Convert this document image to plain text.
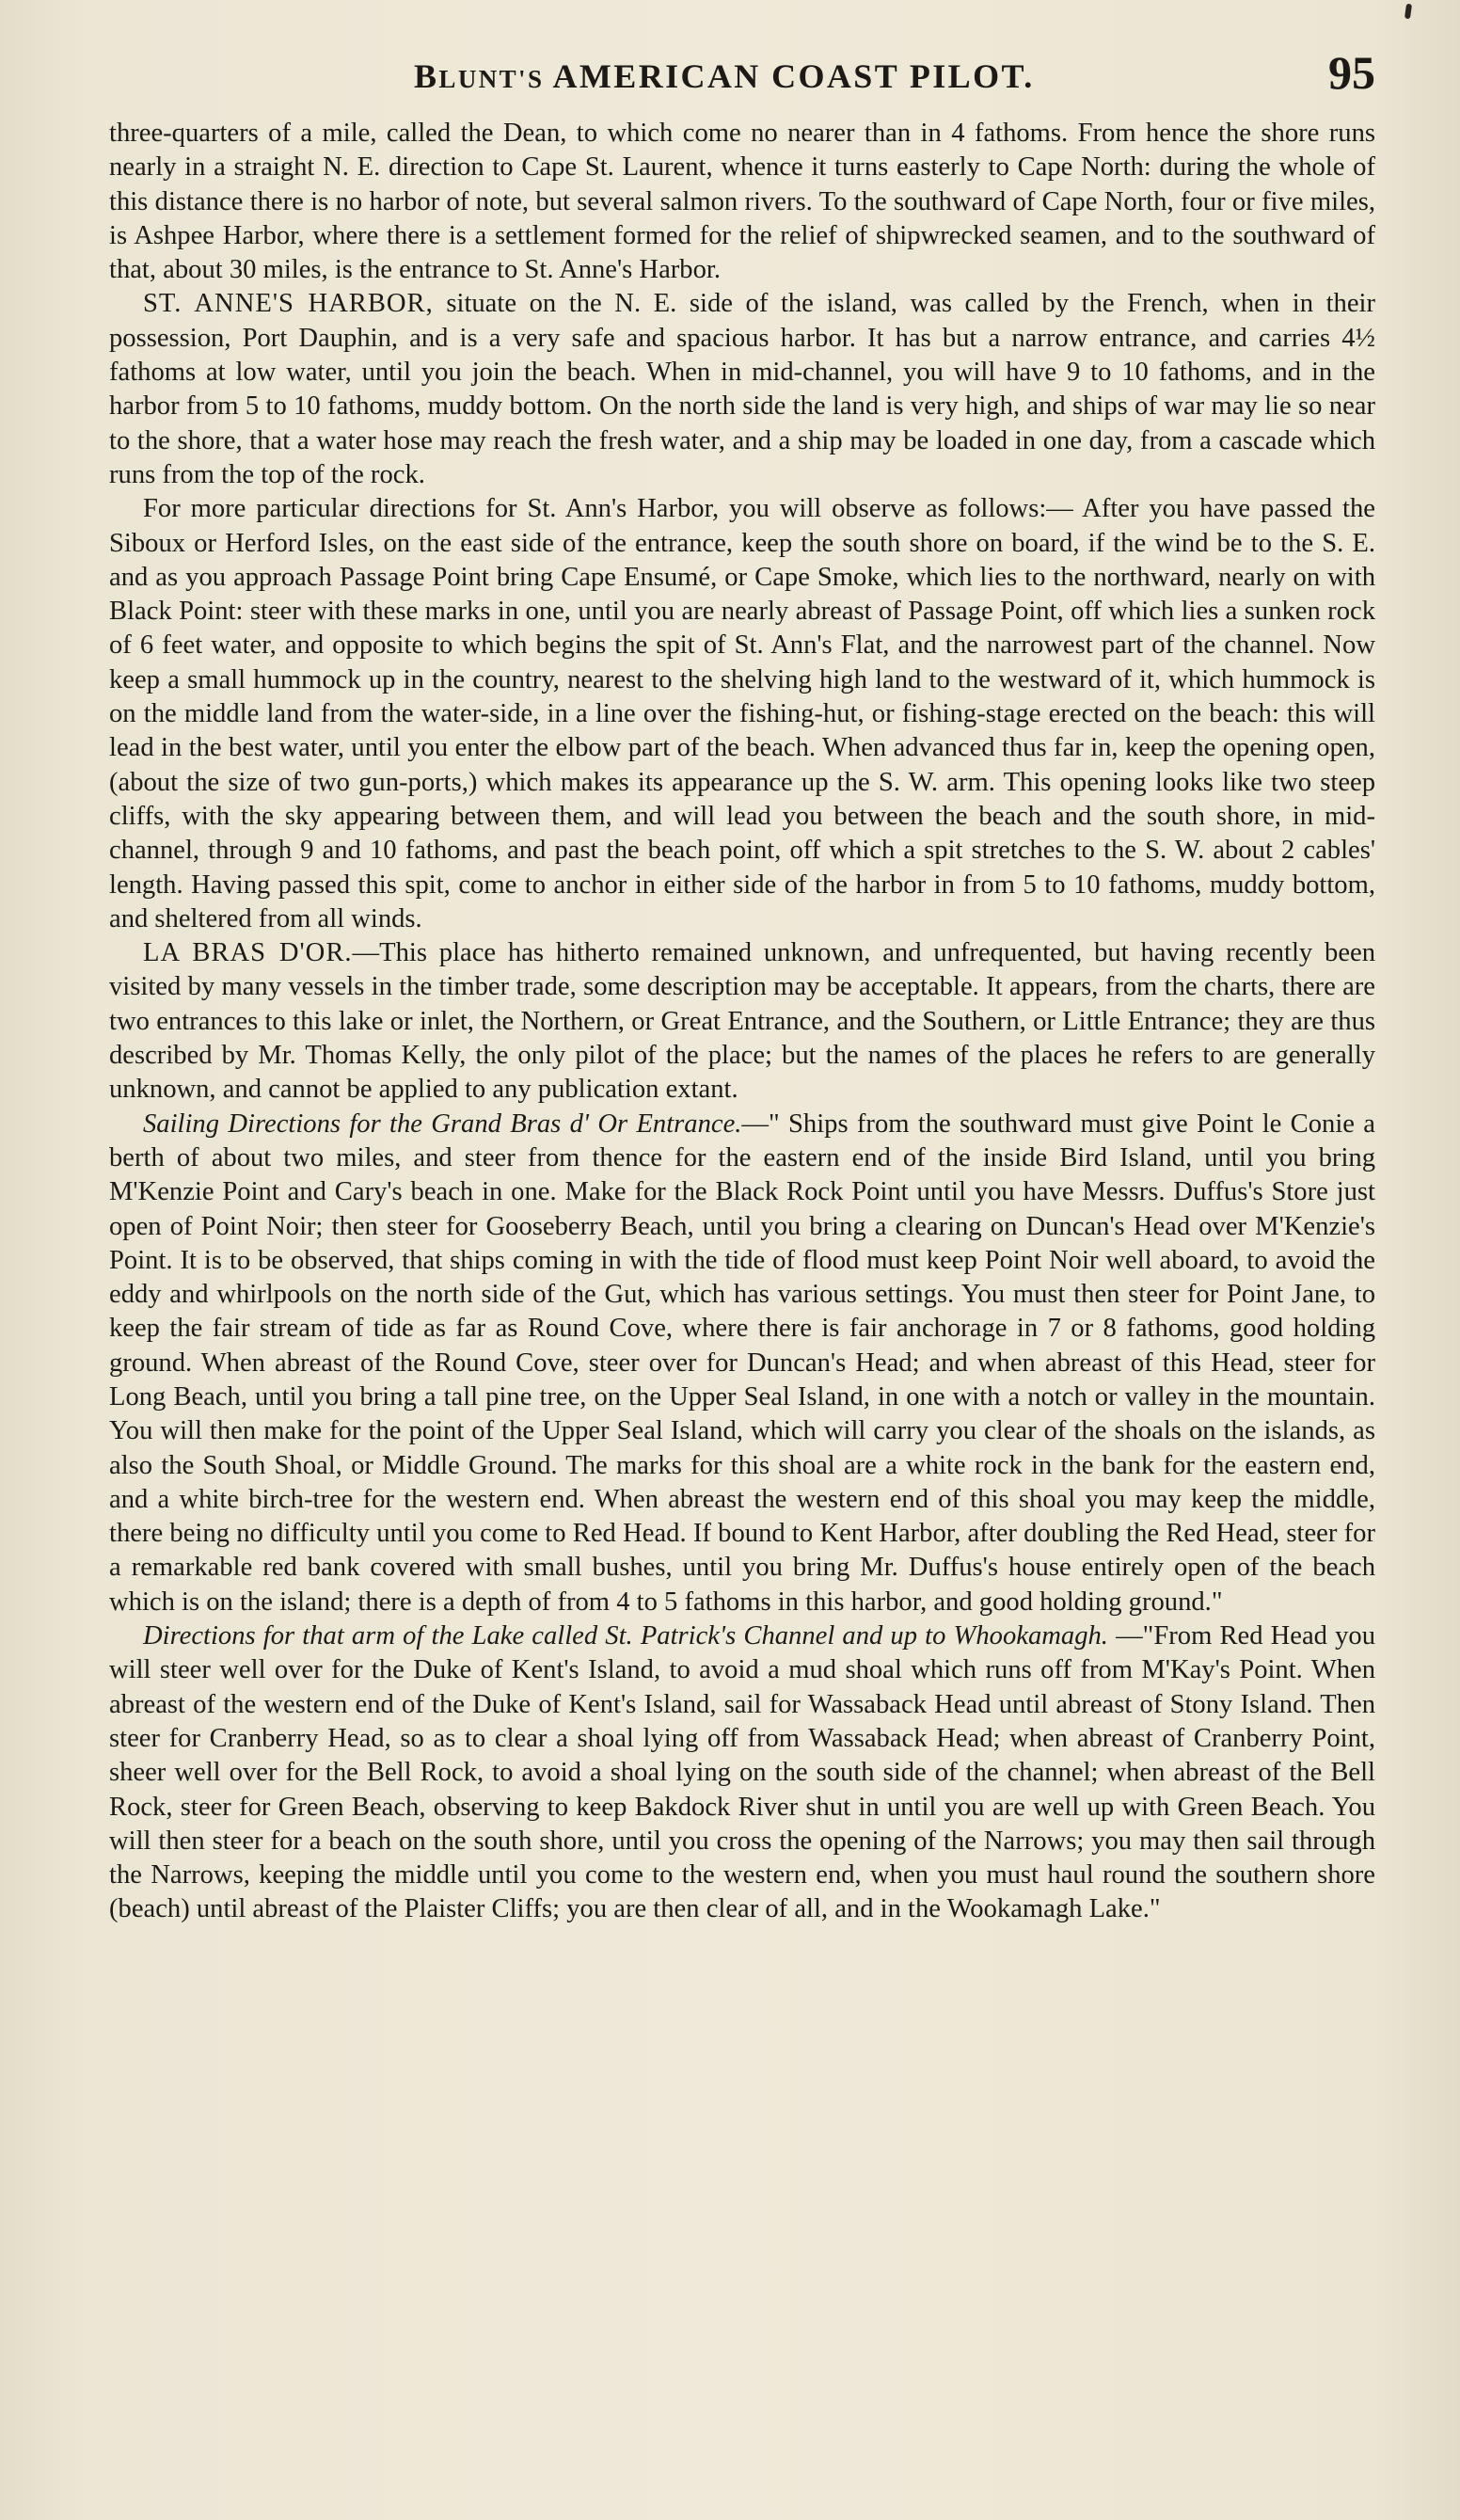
BLUNT'S AMERICAN COAST PILOT.	95

three-quarters of a mile, called the Dean, to which come no nearer than in 4 fathoms. From hence the shore runs nearly in a straight N. E. direction to Cape St. Laurent, whence it turns easterly to Cape North: during the whole of this distance there is no harbor of note, but several salmon rivers. To the southward of Cape North, four or five miles, is Ashpee Harbor, where there is a settlement formed for the relief of shipwrecked seamen, and to the southward of that, about 30 miles, is the entrance to St. Anne's Harbor.

ST. ANNE'S HARBOR, situate on the N. E. side of the island, was called by the French, when in their possession, Port Dauphin, and is a very safe and spacious harbor. It has but a narrow entrance, and carries 4½ fathoms at low water, until you join the beach. When in mid-channel, you will have 9 to 10 fathoms, and in the harbor from 5 to 10 fathoms, muddy bottom. On the north side the land is very high, and ships of war may lie so near to the shore, that a water hose may reach the fresh water, and a ship may be loaded in one day, from a cascade which runs from the top of the rock.

For more particular directions for St. Ann's Harbor, you will observe as follows:— After you have passed the Siboux or Herford Isles, on the east side of the entrance, keep the south shore on board, if the wind be to the S. E. and as you approach Passage Point bring Cape Ensumé, or Cape Smoke, which lies to the northward, nearly on with Black Point: steer with these marks in one, until you are nearly abreast of Passage Point, off which lies a sunken rock of 6 feet water, and opposite to which begins the spit of St. Ann's Flat, and the narrowest part of the channel. Now keep a small hummock up in the country, nearest to the shelving high land to the westward of it, which hummock is on the middle land from the water-side, in a line over the fishing-hut, or fishing-stage erected on the beach: this will lead in the best water, until you enter the elbow part of the beach. When advanced thus far in, keep the opening open,(about the size of two gun-ports,) which makes its appearance up the S. W. arm. This opening looks like two steep cliffs, with the sky appearing between them, and will lead you between the beach and the south shore, in mid-channel, through 9 and 10 fathoms, and past the beach point, off which a spit stretches to the S. W. about 2 cables' length. Having passed this spit, come to anchor in either side of the harbor in from 5 to 10 fathoms, muddy bottom, and sheltered from all winds.

LA BRAS D'OR.—This place has hitherto remained unknown, and unfrequented, but having recently been visited by many vessels in the timber trade, some description may be acceptable. It appears, from the charts, there are two entrances to this lake or inlet, the Northern, or Great Entrance, and the Southern, or Little Entrance; they are thus described by Mr. Thomas Kelly, the only pilot of the place; but the names of the places he refers to are generally unknown, and cannot be applied to any publication extant.

Sailing Directions for the Grand Bras d' Or Entrance.—" Ships from the southward must give Point le Conie a berth of about two miles, and steer from thence for the eastern end of the inside Bird Island, until you bring M'Kenzie Point and Cary's beach in one. Make for the Black Rock Point until you have Messrs. Duffus's Store just open of Point Noir; then steer for Gooseberry Beach, until you bring a clearing on Duncan's Head over M'Kenzie's Point. It is to be observed, that ships coming in with the tide of flood must keep Point Noir well aboard, to avoid the eddy and whirlpools on the north side of the Gut, which has various settings. You must then steer for Point Jane, to keep the fair stream of tide as far as Round Cove, where there is fair anchorage in 7 or 8 fathoms, good holding ground. When abreast of the Round Cove, steer over for Duncan's Head; and when abreast of this Head, steer for Long Beach, until you bring a tall pine tree, on the Upper Seal Island, in one with a notch or valley in the mountain. You will then make for the point of the Upper Seal Island, which will carry you clear of the shoals on the islands, as also the South Shoal, or Middle Ground. The marks for this shoal are a white rock in the bank for the eastern end, and a white birch-tree for the western end. When abreast the western end of this shoal you may keep the middle, there being no difficulty until you come to Red Head. If bound to Kent Harbor, after doubling the Red Head, steer for a remarkable red bank covered with small bushes, until you bring Mr. Duffus's house entirely open of the beach which is on the island; there is a depth of from 4 to 5 fathoms in this harbor, and good holding ground."

Directions for that arm of the Lake called St. Patrick's Channel and up to Whookamagh. —"From Red Head you will steer well over for the Duke of Kent's Island, to avoid a mud shoal which runs off from M'Kay's Point. When abreast of the western end of the Duke of Kent's Island, sail for Wassaback Head until abreast of Stony Island. Then steer for Cranberry Head, so as to clear a shoal lying off from Wassaback Head; when abreast of Cranberry Point, sheer well over for the Bell Rock, to avoid a shoal lying on the south side of the channel; when abreast of the Bell Rock, steer for Green Beach, observing to keep Bakdock River shut in until you are well up with Green Beach. You will then steer for a beach on the south shore, until you cross the opening of the Narrows; you may then sail through the Narrows, keeping the middle until you come to the western end, when you must haul round the southern shore (beach) until abreast of the Plaister Cliffs; you are then clear of all, and in the Wookamagh Lake."
